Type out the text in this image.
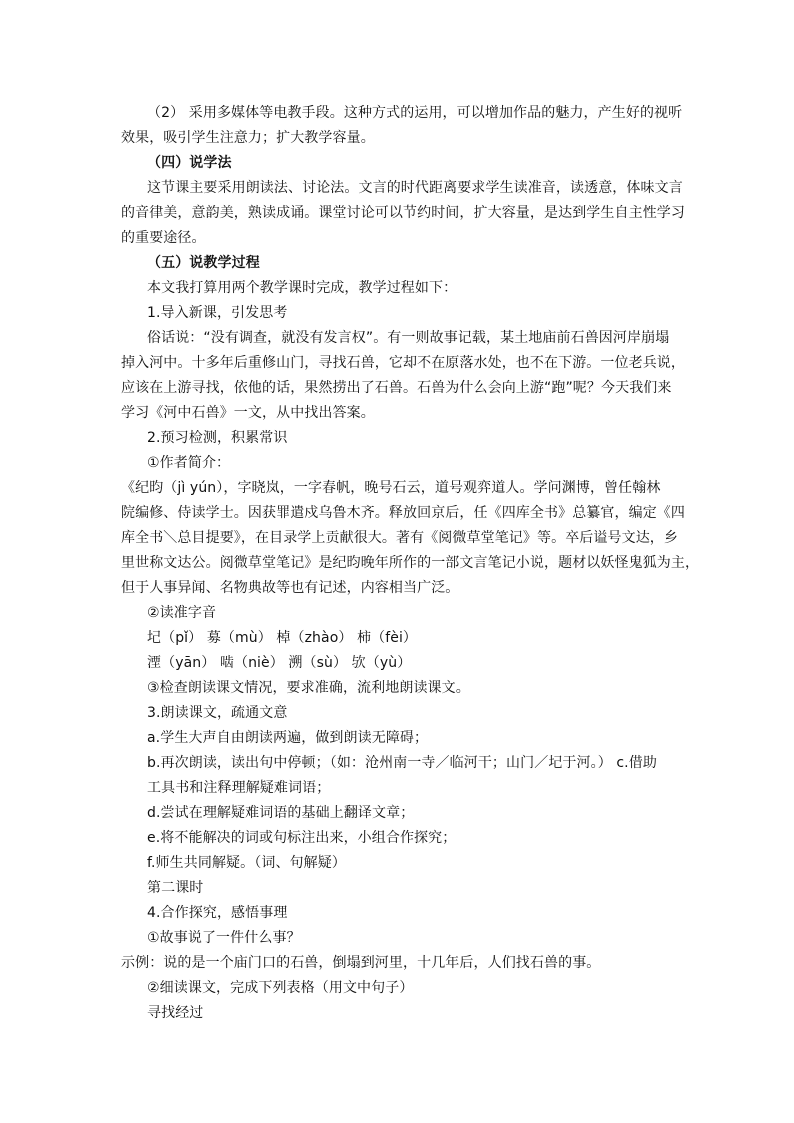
（2） 采用多媒体等电教手段。这种方式的运用，可以增加作品的魅力，产生好的视听
效果，吸引学生注意力；扩大教学容量。
（四）说学法
这节课主要采用朗读法、讨论法。文言的时代距离要求学生读准音，读透意，体味文言
的音律美，意韵美，熟读成诵。课堂讨论可以节约时间，扩大容量，是达到学生自主性学习
的重要途径。
（五）说教学过程
本文我打算用两个教学课时完成，教学过程如下：
1.导入新课，引发思考
俗话说：“没有调查，就没有发言权”。有一则故事记载，某土地庙前石兽因河岸崩塌
掉入河中。十多年后重修山门，寻找石兽，它却不在原落水处，也不在下游。一位老兵说，
应该在上游寻找，依他的话，果然捞出了石兽。石兽为什么会向上游“跑”呢？今天我们来
学习《河中石兽》一文，从中找出答案。
2.预习检测，积累常识
①作者简介：
《纪昀（jì yún），字晓岚，一字春帆，晚号石云，道号观弈道人。学问渊博，曾任翰林
院编修、侍读学士。因获罪遣戍乌鲁木齐。释放回京后，任《四库全书》总纂官，编定《四
库全书＼总目提要》，在目录学上贡献很大。著有《阅微草堂笔记》等。卒后谥号文达，乡
里世称文达公。阅微草堂笔记》是纪昀晚年所作的一部文言笔记小说，题材以妖怪鬼狐为主，
但于人事异闻、名物典故等也有记述，内容相当广泛。
②读准字音
圮（pǐ） 募（mù） 棹（zhào） 柿（fèi）
湮（yān） 啮（niè） 溯（sù） 欤（yù）
③检查朗读课文情况，要求准确，流利地朗读课文。
3.朗读课文，疏通文意
a.学生大声自由朗读两遍，做到朗读无障碍；
b.再次朗读，读出句中停顿；（如：沧州南一寺／临河干；山门／圮于河。） c.借助
工具书和注释理解疑难词语；
d.尝试在理解疑难词语的基础上翻译文章；
e.将不能解决的词或句标注出来，小组合作探究；
f.师生共同解疑。（词、句解疑）
第二课时
4.合作探究，感悟事理
①故事说了一件什么事？
示例：说的是一个庙门口的石兽，倒塌到河里，十几年后，人们找石兽的事。
②细读课文，完成下列表格（用文中句子）
寻找经过
